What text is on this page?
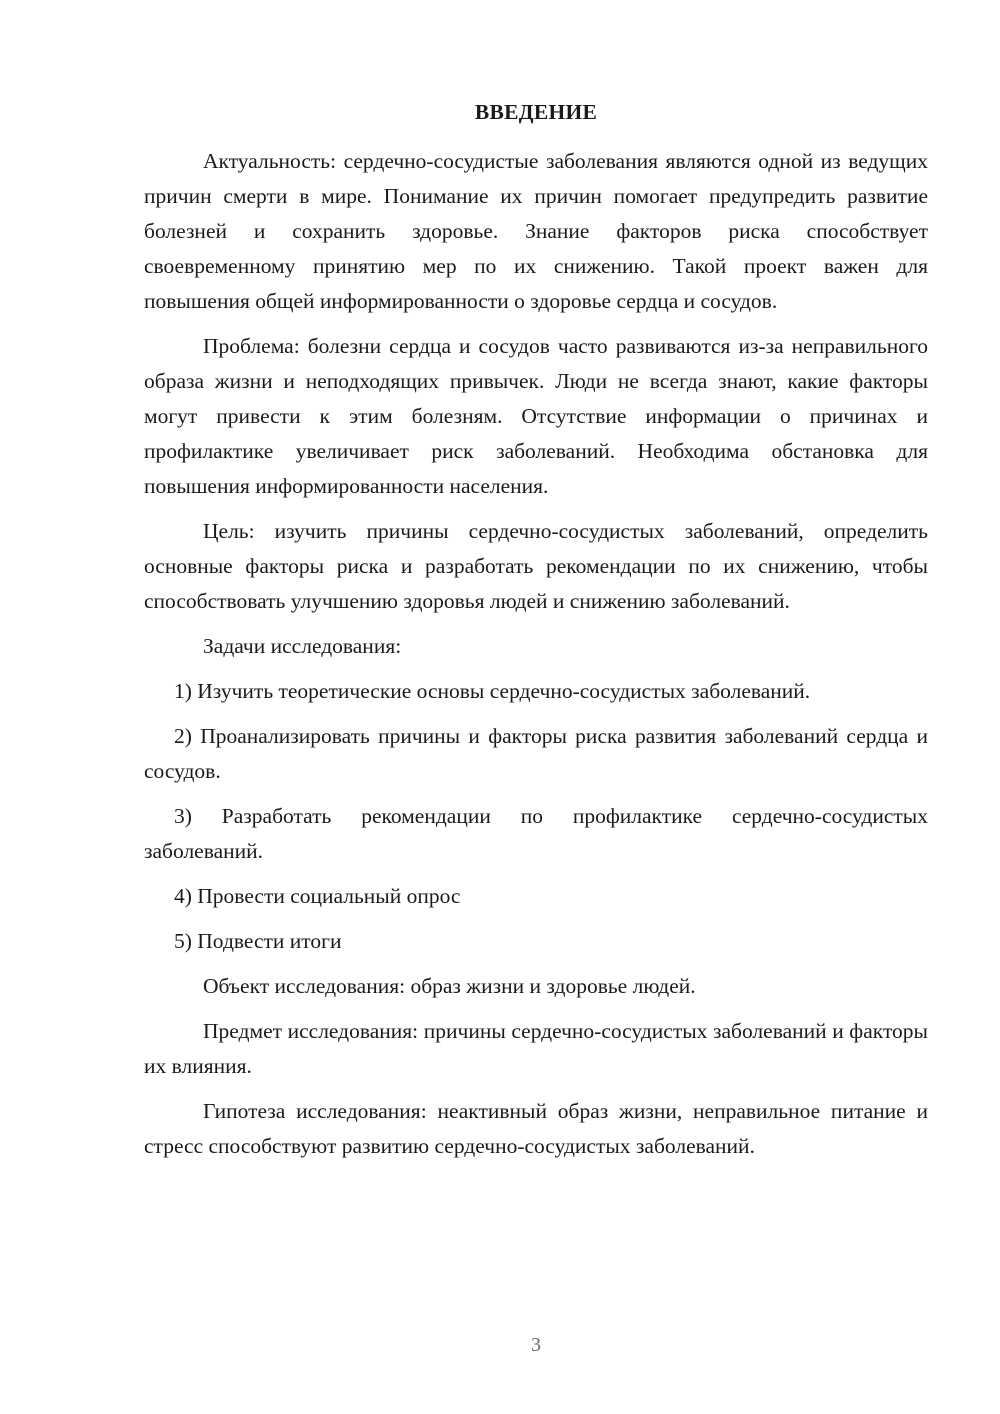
ВВЕДЕНИЕ

Актуальность: сердечно-сосудистые заболевания являются одной из ведущих причин смерти в мире. Понимание их причин помогает предупредить развитие болезней и сохранить здоровье. Знание факторов риска способствует своевременному принятию мер по их снижению. Такой проект важен для повышения общей информированности о здоровье сердца и сосудов.

Проблема: болезни сердца и сосудов часто развиваются из-за неправильного образа жизни и неподходящих привычек. Люди не всегда знают, какие факторы могут привести к этим болезням. Отсутствие информации о причинах и профилактике увеличивает риск заболеваний. Необходима обстановка для повышения информированности населения.

Цель: изучить причины сердечно-сосудистых заболеваний, определить основные факторы риска и разработать рекомендации по их снижению, чтобы способствовать улучшению здоровья людей и снижению заболеваний.

Задачи исследования:

1) Изучить теоретические основы сердечно-сосудистых заболеваний.

2) Проанализировать причины и факторы риска развития заболеваний сердца и сосудов.

3) Разработать рекомендации по профилактике сердечно-сосудистых заболеваний.

4) Провести социальный опрос

5) Подвести итоги

Объект исследования: образ жизни и здоровье людей.

Предмет исследования: причины сердечно-сосудистых заболеваний и факторы их влияния.

Гипотеза исследования: неактивный образ жизни, неправильное питание и стресс способствуют развитию сердечно-сосудистых заболеваний.

3
